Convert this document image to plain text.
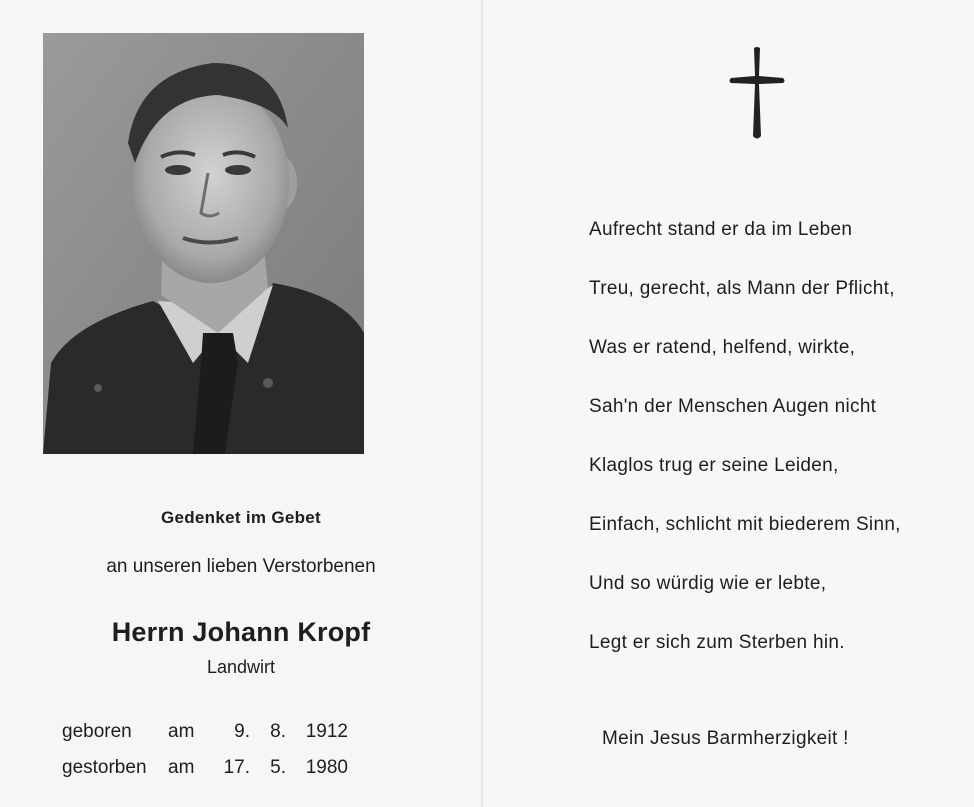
Gedenket im Gebet
an unseren lieben Verstorbenen
Herrn Johann Kropf
Landwirt
geboren	am	9.	8.	1912
gestorben	am	17.	5.	1980
Aufrecht stand er da im Leben
Treu, gerecht, als Mann der Pflicht,
Was er ratend, helfend, wirkte,
Sah'n der Menschen Augen nicht
Klaglos trug er seine Leiden,
Einfach, schlicht mit biederem Sinn,
Und so würdig wie er lebte,
Legt er sich zum Sterben hin.
Mein Jesus Barmherzigkeit !
